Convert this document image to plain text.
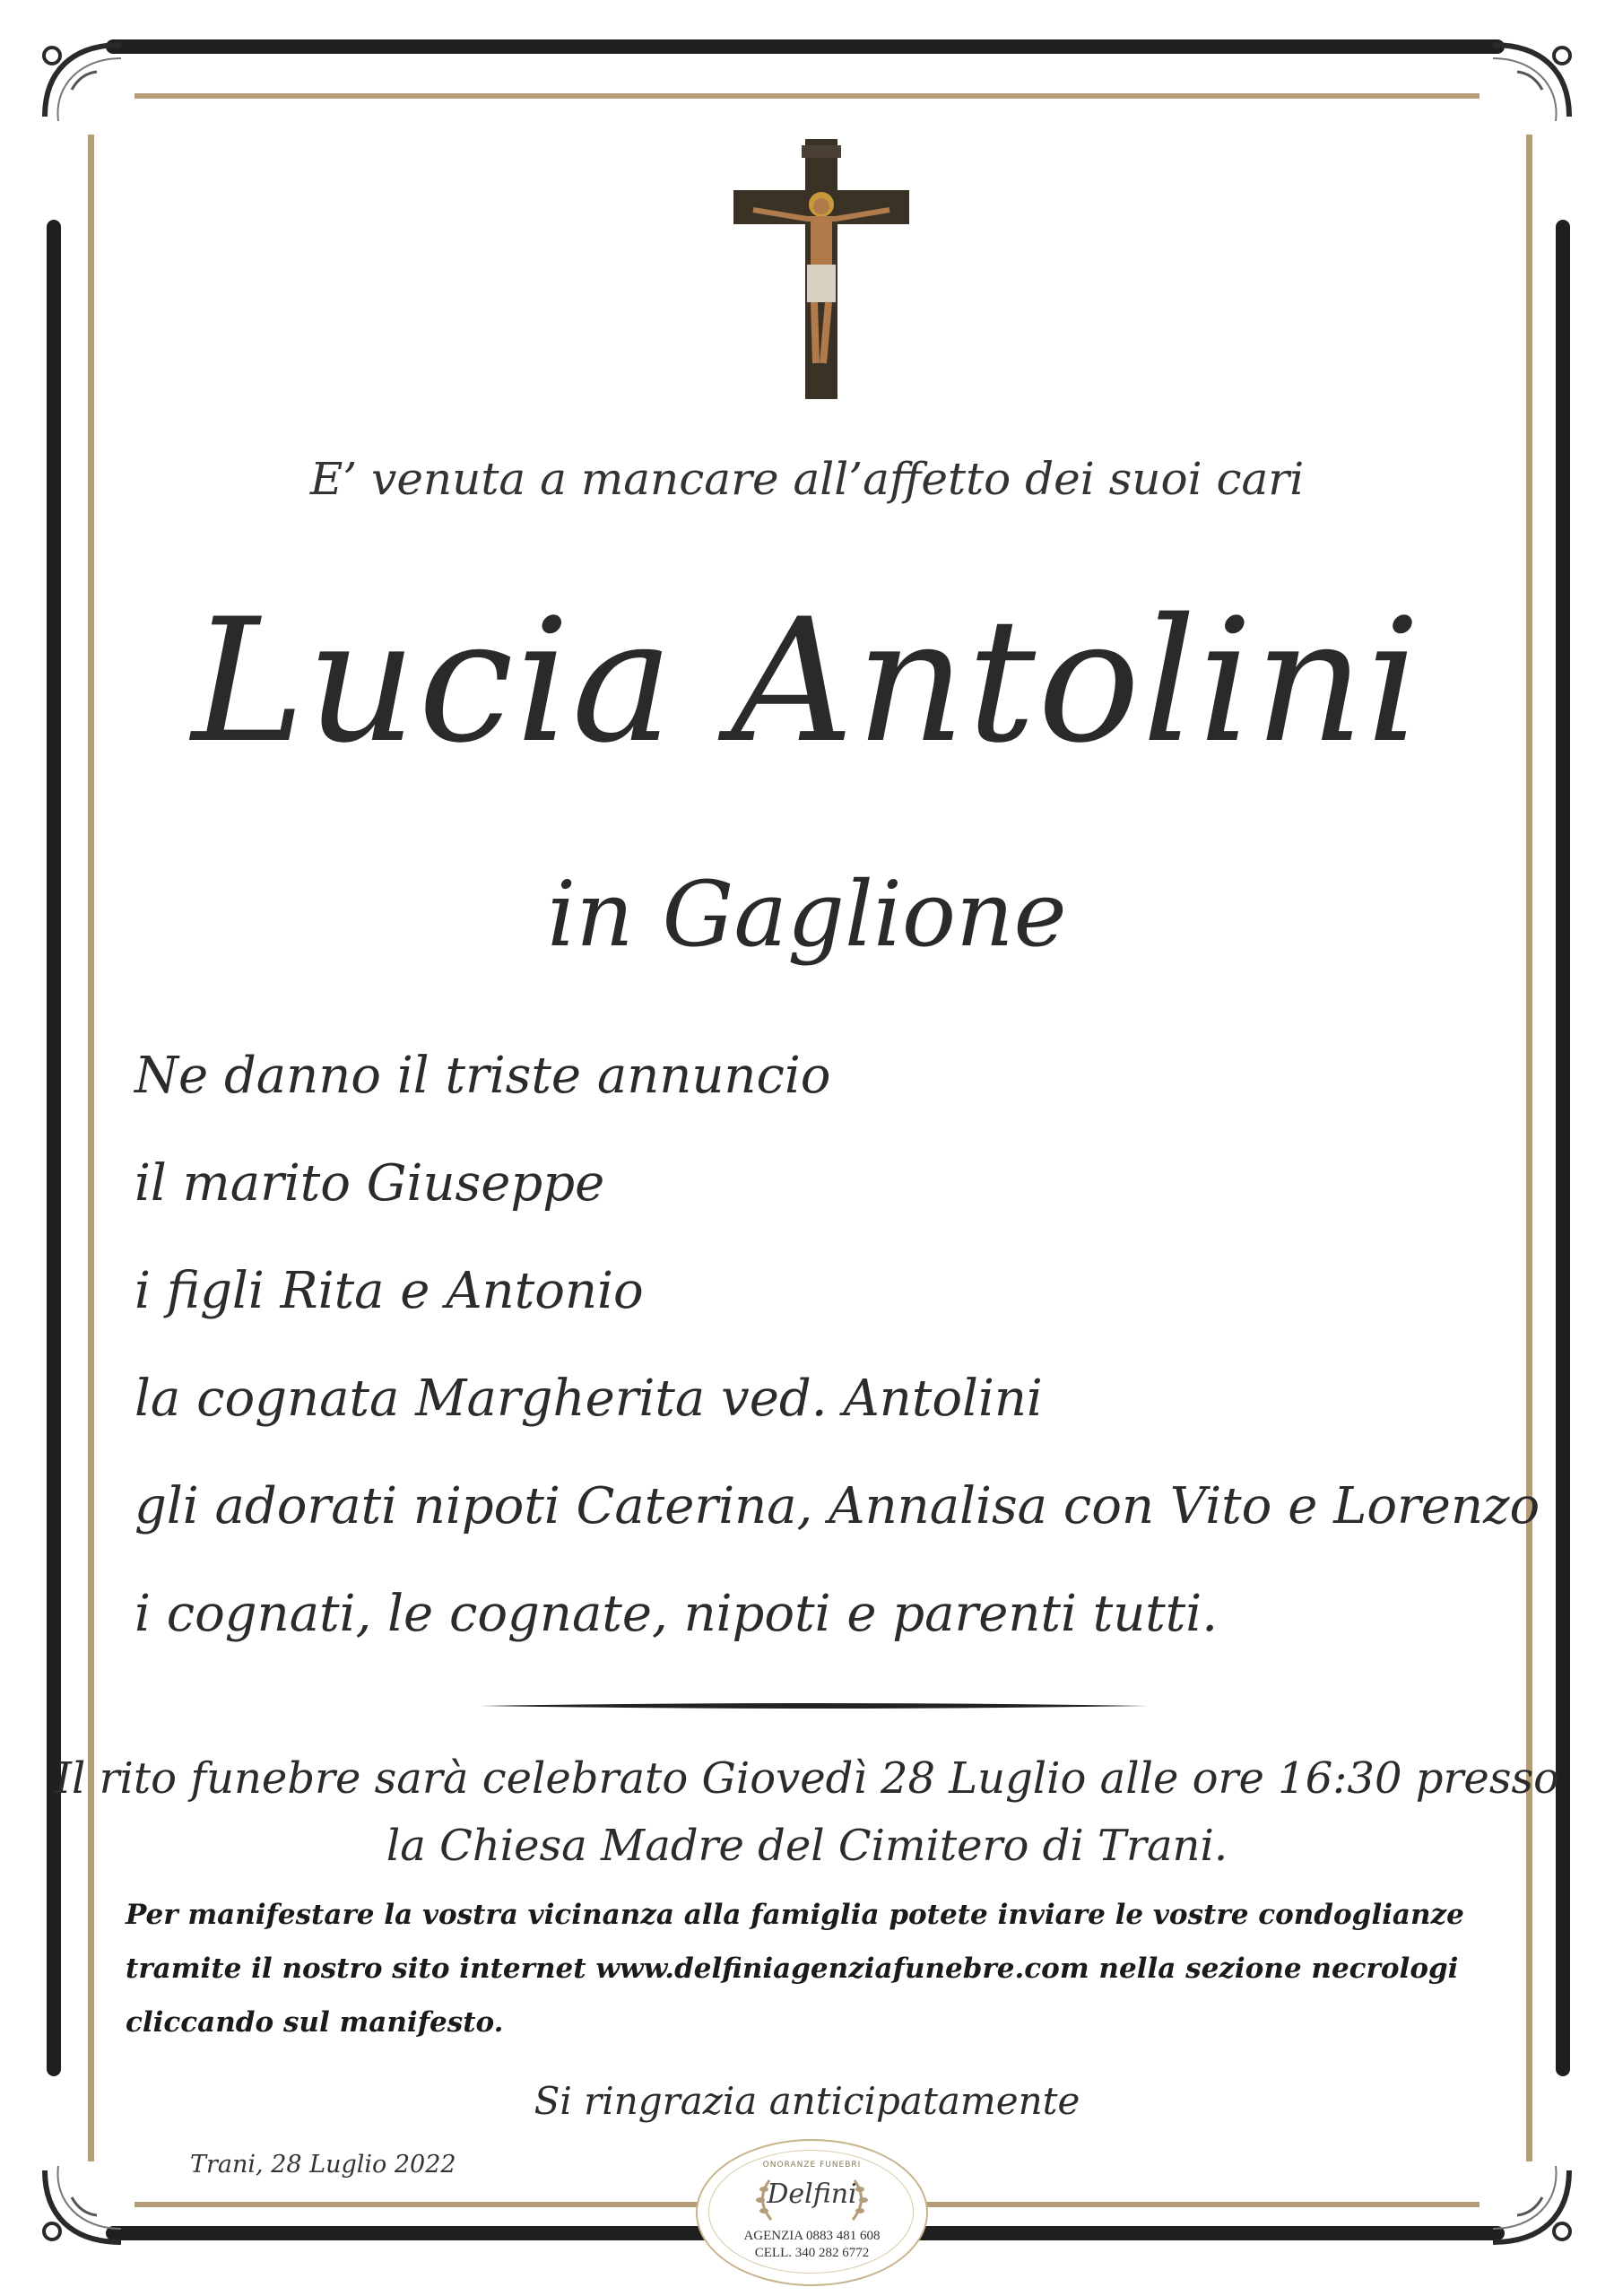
E’ venuta a mancare all’affetto dei suoi cari
Lucia Antolini
in Gaglione
Ne danno il triste annuncio
il marito Giuseppe
i figli Rita e Antonio
la cognata Margherita ved. Antolini
gli adorati nipoti Caterina, Annalisa con Vito e Lorenzo
i cognati, le cognate, nipoti e parenti tutti.
Il rito funebre sarà celebrato Giovedì 28 Luglio alle ore 16:30 presso
la Chiesa Madre del Cimitero di Trani.
Per manifestare la vostra vicinanza alla famiglia potete inviare le vostre condoglianze tramite il nostro sito internet www.delfiniagenziafunebre.com nella sezione necrologi cliccando sul manifesto.
Si ringrazia anticipatamente
Trani, 28 Luglio 2022	ONORANZE FUNEBRI
Delfini
AGENZIA 0883 481 608
CELL. 340 282 6772
